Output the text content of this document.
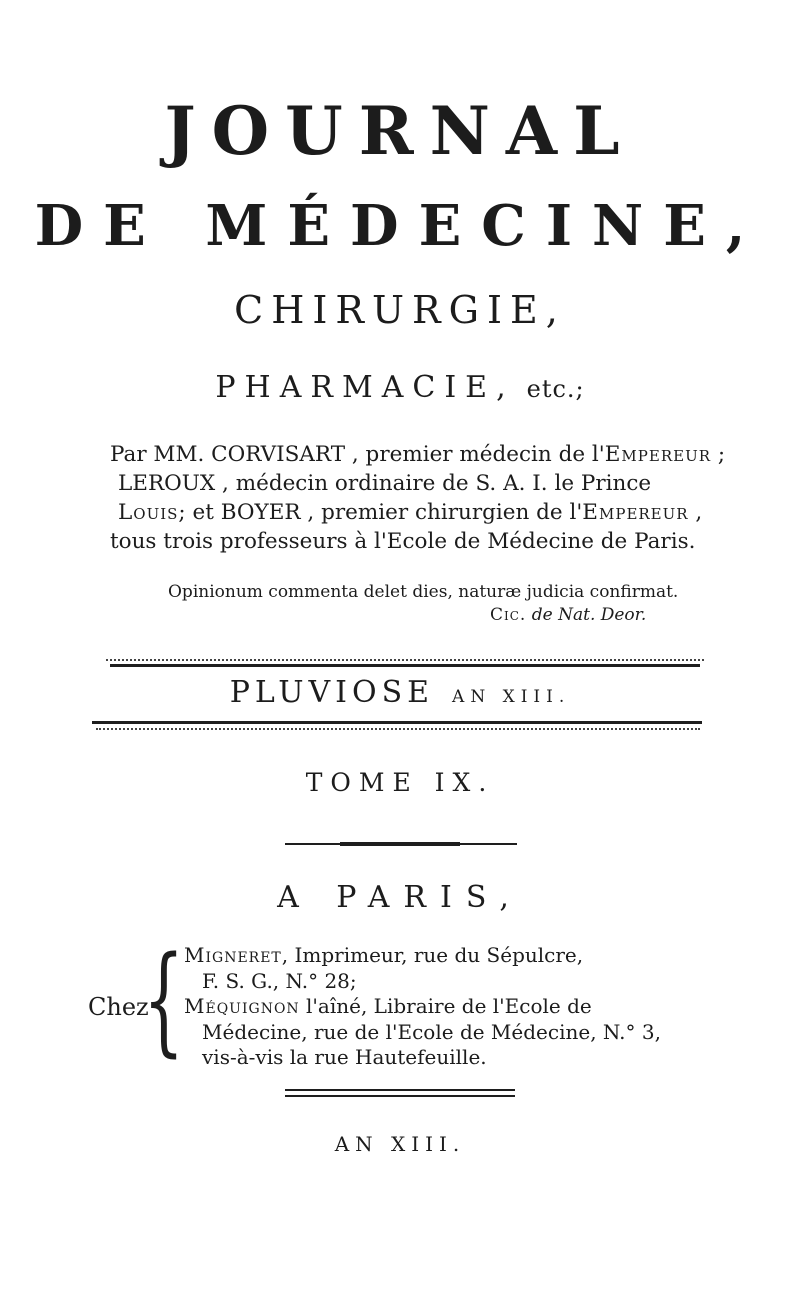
JOURNAL
DE MÉDECINE,
CHIRURGIE,
PHARMACIE, etc.;
Par MM. CORVISART , premier médecin de l'Empereur ;
LEROUX , médecin ordinaire de S. A. I. le Prince
Louis; et BOYER , premier chirurgien de l'Empereur ,
tous trois professeurs à l'Ecole de Médecine de Paris.
Opinionum commenta delet dies, naturæ judicia confirmat.
Cic. de Nat. Deor.
PLUVIOSE AN XIII.
TOME IX.
A PARIS,
Chez
{ Migneret, Imprimeur, rue du Sépulcre,
F. S. G., N.° 28;
Méquignon l'aîné, Libraire de l'Ecole de
Médecine, rue de l'Ecole de Médecine, N.° 3,
vis-à-vis la rue Hautefeuille.
AN XIII.
